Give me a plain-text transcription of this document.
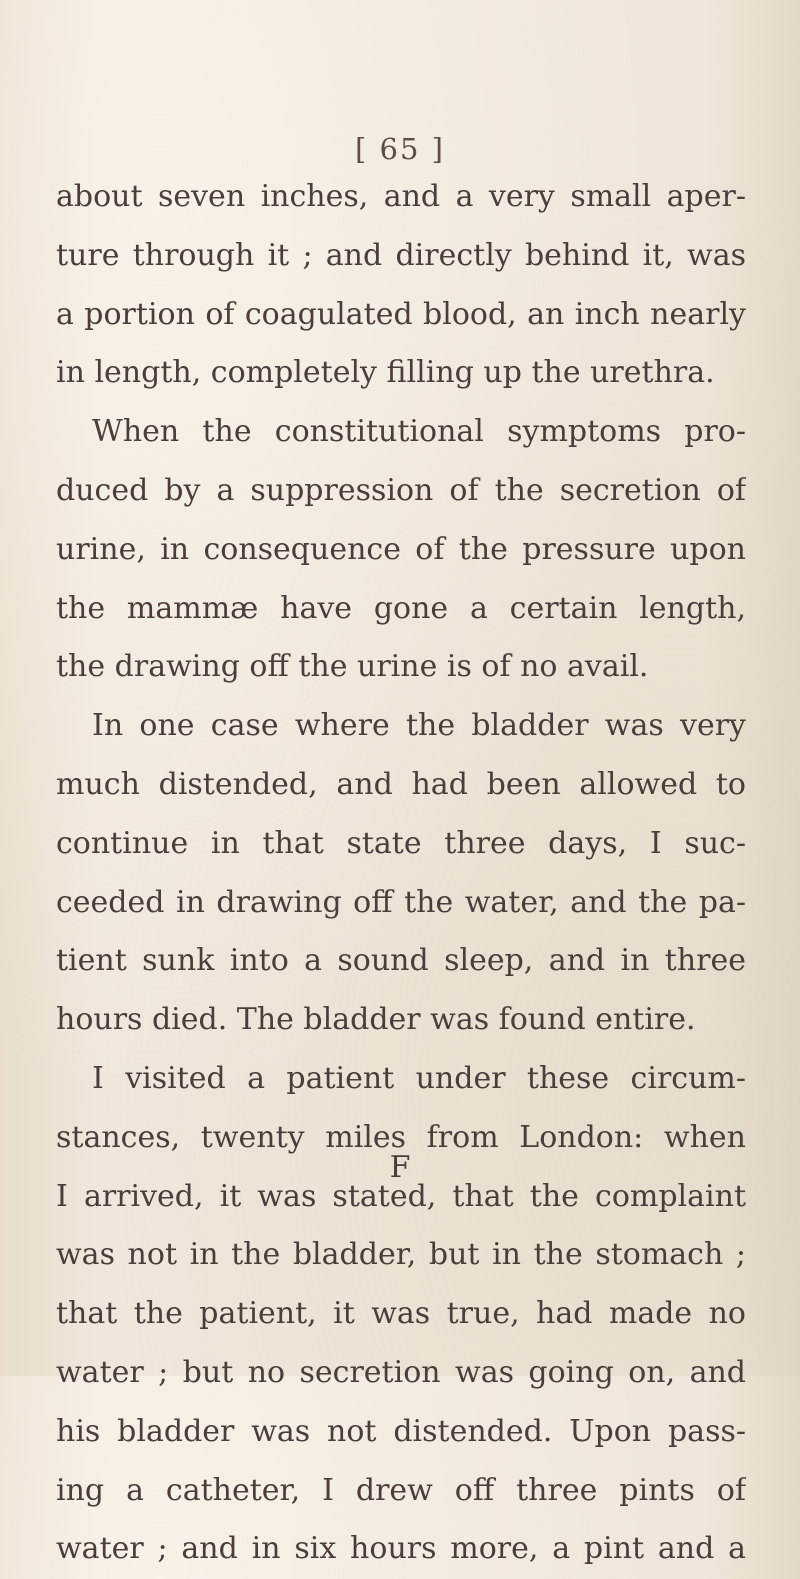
[ 65 ]
about seven inches, and a very small aper-
ture through it ; and directly behind it, was
a portion of coagulated blood, an inch nearly
in length, completely filling up the urethra.
When the constitutional symptoms pro-
duced by a suppression of the secretion of
urine, in consequence of the pressure upon
the mammæ have gone a certain length,
the drawing off the urine is of no avail.
In one case where the bladder was very
much distended, and had been allowed to
continue in that state three days, I suc-
ceeded in drawing off the water, and the pa-
tient sunk into a sound sleep, and in three
hours died. The bladder was found entire.
I visited a patient under these circum-
stances, twenty miles from London: when
I arrived, it was stated, that the complaint
was not in the bladder, but in the stomach ;
that the patient, it was true, had made no
water ; but no secretion was going on, and
his bladder was not distended. Upon pass-
ing a catheter, I drew off three pints of
water ; and in six hours more, a pint and a
F
